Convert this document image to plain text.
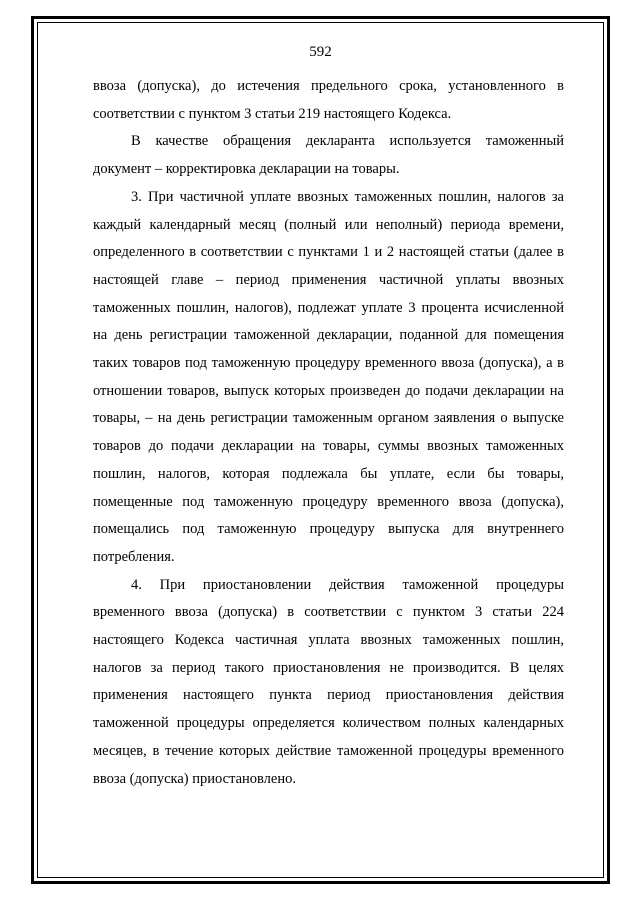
592

ввоза (допуска), до истечения предельного срока, установленного в соответствии с пунктом 3 статьи 219 настоящего Кодекса.

В качестве обращения декларанта используется таможенный документ – корректировка декларации на товары.

3. При частичной уплате ввозных таможенных пошлин, налогов за каждый календарный месяц (полный или неполный) периода времени, определенного в соответствии с пунктами 1 и 2 настоящей статьи (далее в настоящей главе – период применения частичной уплаты ввозных таможенных пошлин, налогов), подлежат уплате 3 процента исчисленной на день регистрации таможенной декларации, поданной для помещения таких товаров под таможенную процедуру временного ввоза (допуска), а в отношении товаров, выпуск которых произведен до подачи декларации на товары, – на день регистрации таможенным органом заявления о выпуске товаров до подачи декларации на товары, суммы ввозных таможенных пошлин, налогов, которая подлежала бы уплате, если бы товары, помещенные под таможенную процедуру временного ввоза (допуска), помещались под таможенную процедуру выпуска для внутреннего потребления.

4. При приостановлении действия таможенной процедуры временного ввоза (допуска) в соответствии с пунктом 3 статьи 224 настоящего Кодекса частичная уплата ввозных таможенных пошлин, налогов за период такого приостановления не производится. В целях применения настоящего пункта период приостановления действия таможенной процедуры определяется количеством полных календарных месяцев, в течение которых действие таможенной процедуры временного ввоза (допуска) приостановлено.
